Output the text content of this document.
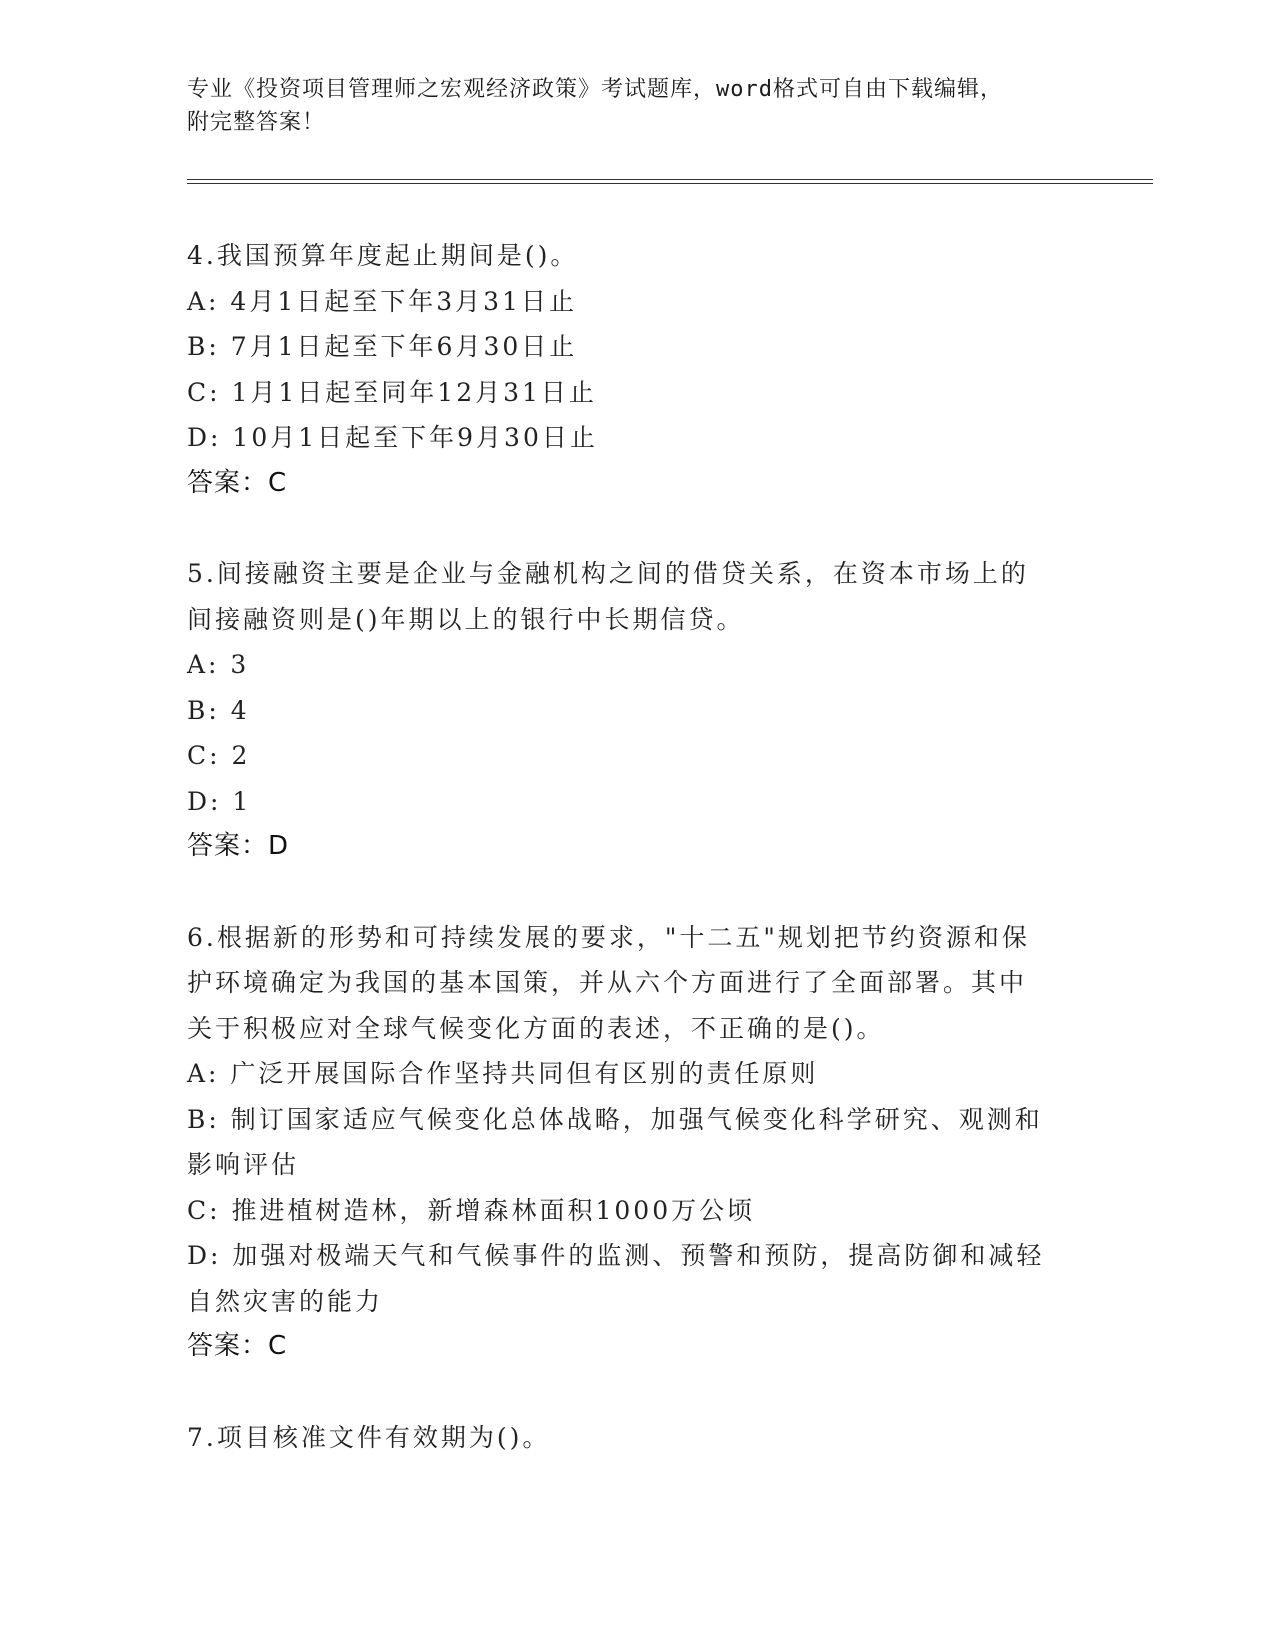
专业《投资项目管理师之宏观经济政策》考试题库，word格式可自由下载编辑，
附完整答案！

4.我国预算年度起止期间是()。

A: 4月1日起至下年3月31日止

B: 7月1日起至下年6月30日止

C: 1月1日起至同年12月31日止

D: 10月1日起至下年9月30日止

答案：C

5.间接融资主要是企业与金融机构之间的借贷关系，在资本市场上的

间接融资则是()年期以上的银行中长期信贷。

A: 3

B: 4

C: 2

D: 1

答案：D

6.根据新的形势和可持续发展的要求，"十二五"规划把节约资源和保

护环境确定为我国的基本国策，并从六个方面进行了全面部署。其中

关于积极应对全球气候变化方面的表述，不正确的是()。

A: 广泛开展国际合作坚持共同但有区别的责任原则

B: 制订国家适应气候变化总体战略，加强气候变化科学研究、观测和

影响评估

C: 推进植树造林，新增森林面积1000万公顷

D: 加强对极端天气和气候事件的监测、预警和预防，提高防御和减轻

自然灾害的能力

答案：C

7.项目核准文件有效期为()。
